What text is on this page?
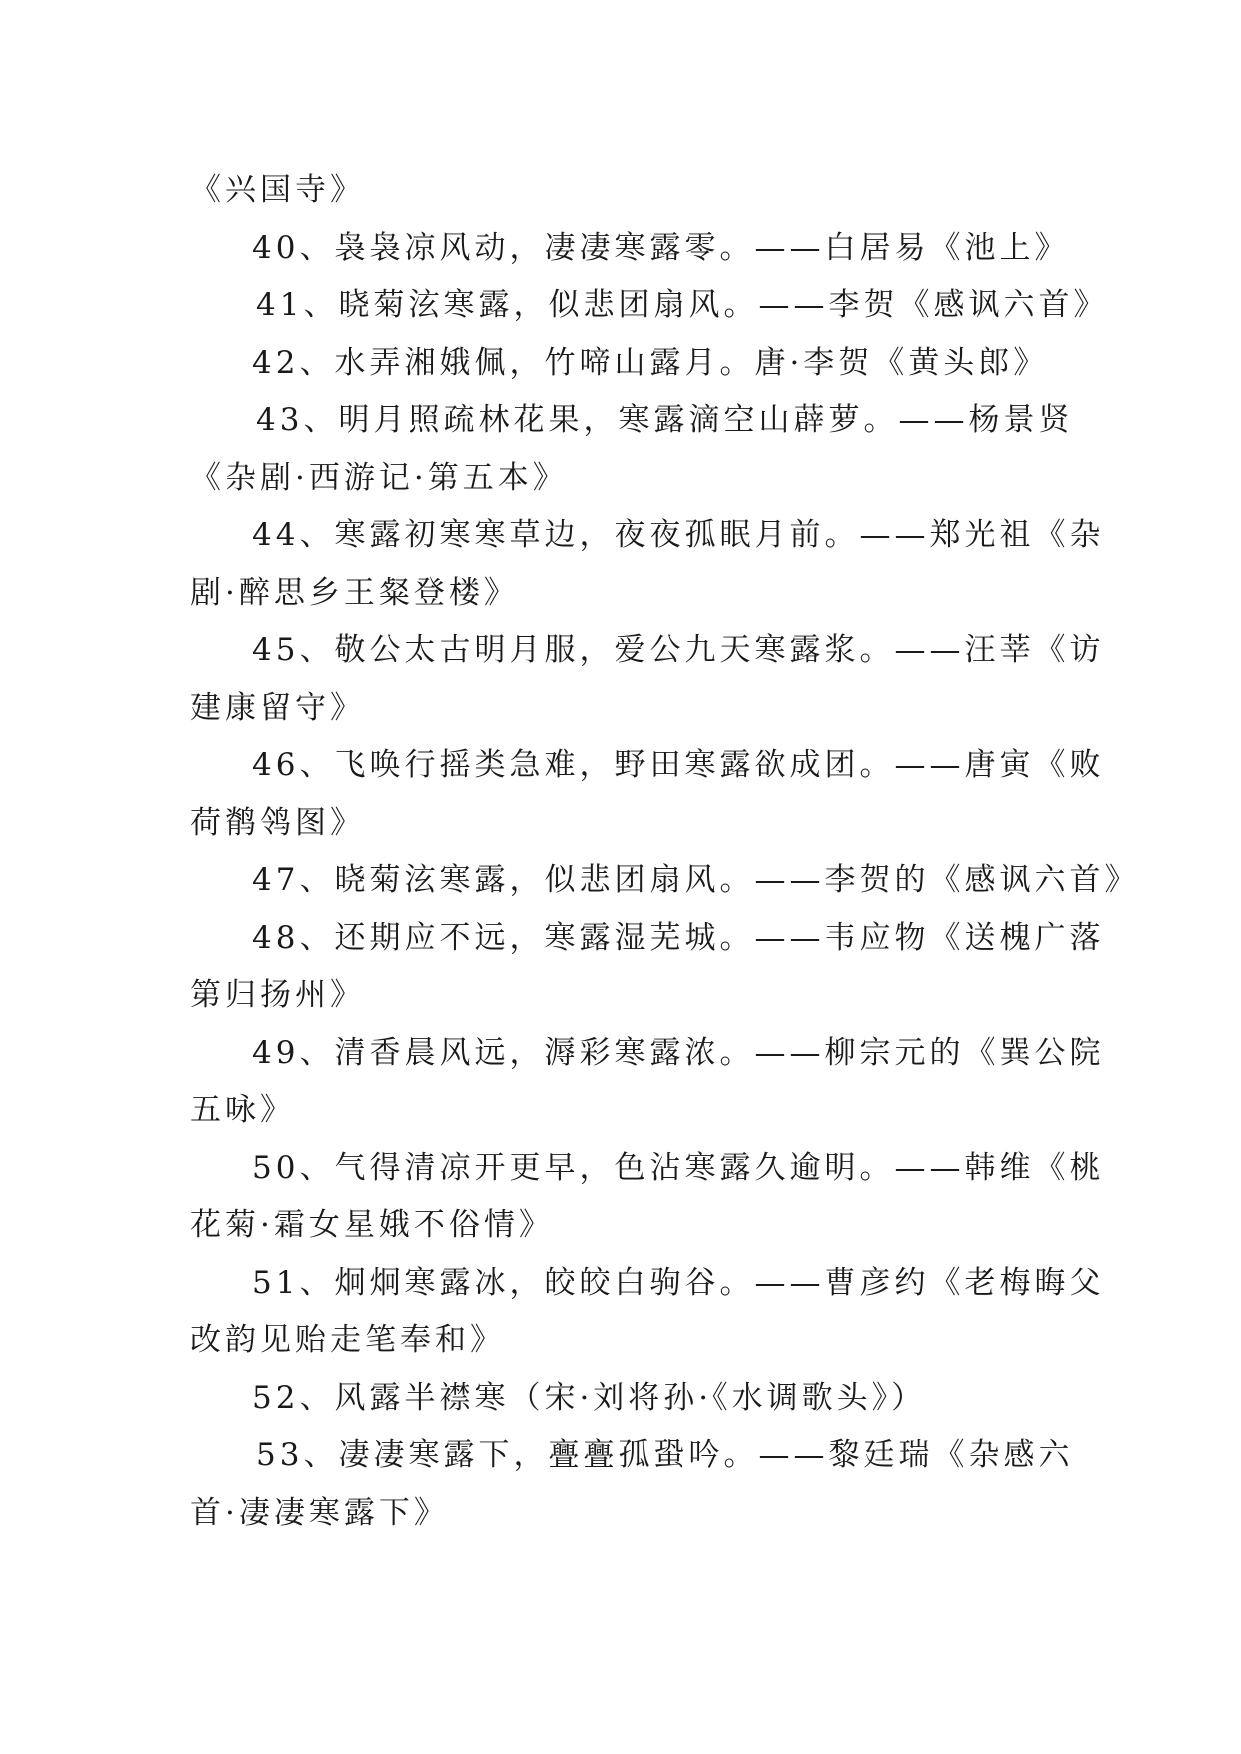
《兴国寺》
40、袅袅凉风动，凄凄寒露零。——白居易《池上》
41、晓菊泫寒露，似悲团扇风。——李贺《感讽六首》
42、水弄湘娥佩，竹啼山露月。唐·李贺《黄头郎》
43、明月照疏林花果，寒露滴空山薜萝。——杨景贤
《杂剧·西游记·第五本》
44、寒露初寒寒草边，夜夜孤眠月前。——郑光祖《杂
剧·醉思乡王粲登楼》
45、敬公太古明月服，爱公九天寒露浆。——汪莘《访
建康留守》
46、飞唤行摇类急难，野田寒露欲成团。——唐寅《败
荷鹡鸰图》
47、晓菊泫寒露，似悲团扇风。——李贺的《感讽六首》
48、还期应不远，寒露湿芜城。——韦应物《送槐广落
第归扬州》
49、清香晨风远，溽彩寒露浓。——柳宗元的《巽公院
五咏》
50、气得清凉开更早，色沾寒露久逾明。——韩维《桃
花菊·霜女星娥不俗情》
51、炯炯寒露冰，皎皎白驹谷。——曹彦约《老梅晦父
改韵见贻走笔奉和》
52、风露半襟寒（宋·刘将孙·《水调歌头》）
53、凄凄寒露下，亹亹孤蛩吟。——黎廷瑞《杂感六
首·凄凄寒露下》
